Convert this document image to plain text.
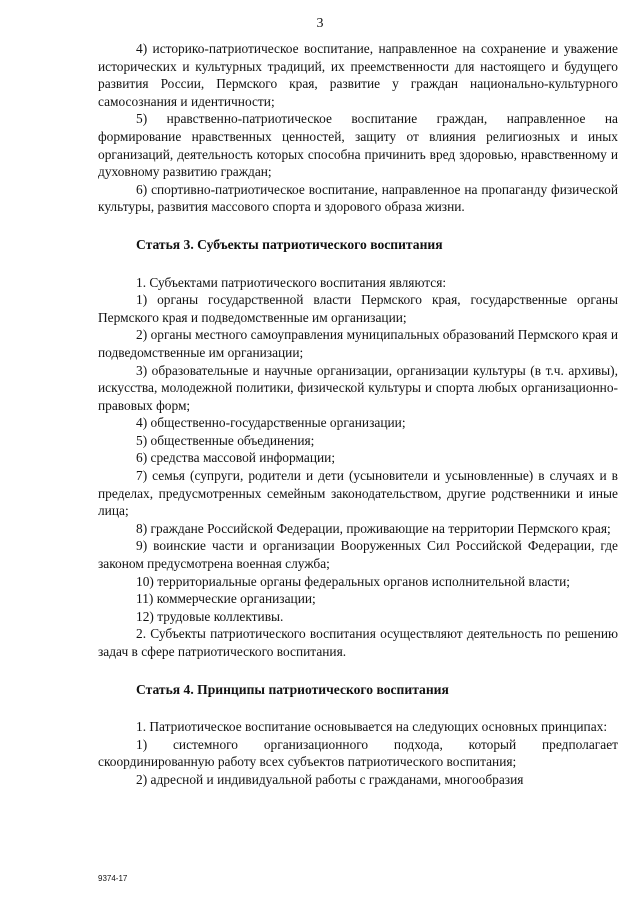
3

4) историко-патриотическое воспитание, направленное на сохранение и уважение исторических и культурных традиций, их преемственности для настоящего и будущего развития России, Пермского края, развитие у граждан национально-культурного самосознания и идентичности;

5) нравственно-патриотическое воспитание граждан, направленное на формирование нравственных ценностей, защиту от влияния религиозных и иных организаций, деятельность которых способна причинить вред здоровью, нравственному и духовному развитию граждан;

6) спортивно-патриотическое воспитание, направленное на пропаганду физической культуры, развития массового спорта и здорового образа жизни.

Статья 3. Субъекты патриотического воспитания

1. Субъектами патриотического воспитания являются:

1) органы государственной власти Пермского края, государственные органы Пермского края и подведомственные им организации;

2) органы местного самоуправления муниципальных образований Пермского края и подведомственные им организации;

3) образовательные и научные организации, организации культуры (в т.ч. архивы), искусства, молодежной политики, физической культуры и спорта любых организационно-правовых форм;

4) общественно-государственные организации;

5) общественные объединения;

6) средства массовой информации;

7) семья (супруги, родители и дети (усыновители и усыновленные) в случаях и в пределах, предусмотренных семейным законодательством, другие родственники и иные лица;

8) граждане Российской Федерации, проживающие на территории Пермского края;

9) воинские части и организации Вооруженных Сил Российской Федерации, где законом предусмотрена военная служба;

10) территориальные органы федеральных органов исполнительной власти;

11) коммерческие организации;

12) трудовые коллективы.

2. Субъекты патриотического воспитания осуществляют деятельность по решению задач в сфере патриотического воспитания.

Статья 4. Принципы патриотического воспитания

1. Патриотическое воспитание основывается на следующих основных принципах:

1) системного организационного подхода, который предполагает скоординированную работу всех субъектов патриотического воспитания;

2) адресной и индивидуальной работы с гражданами, многообразия

9374-17
